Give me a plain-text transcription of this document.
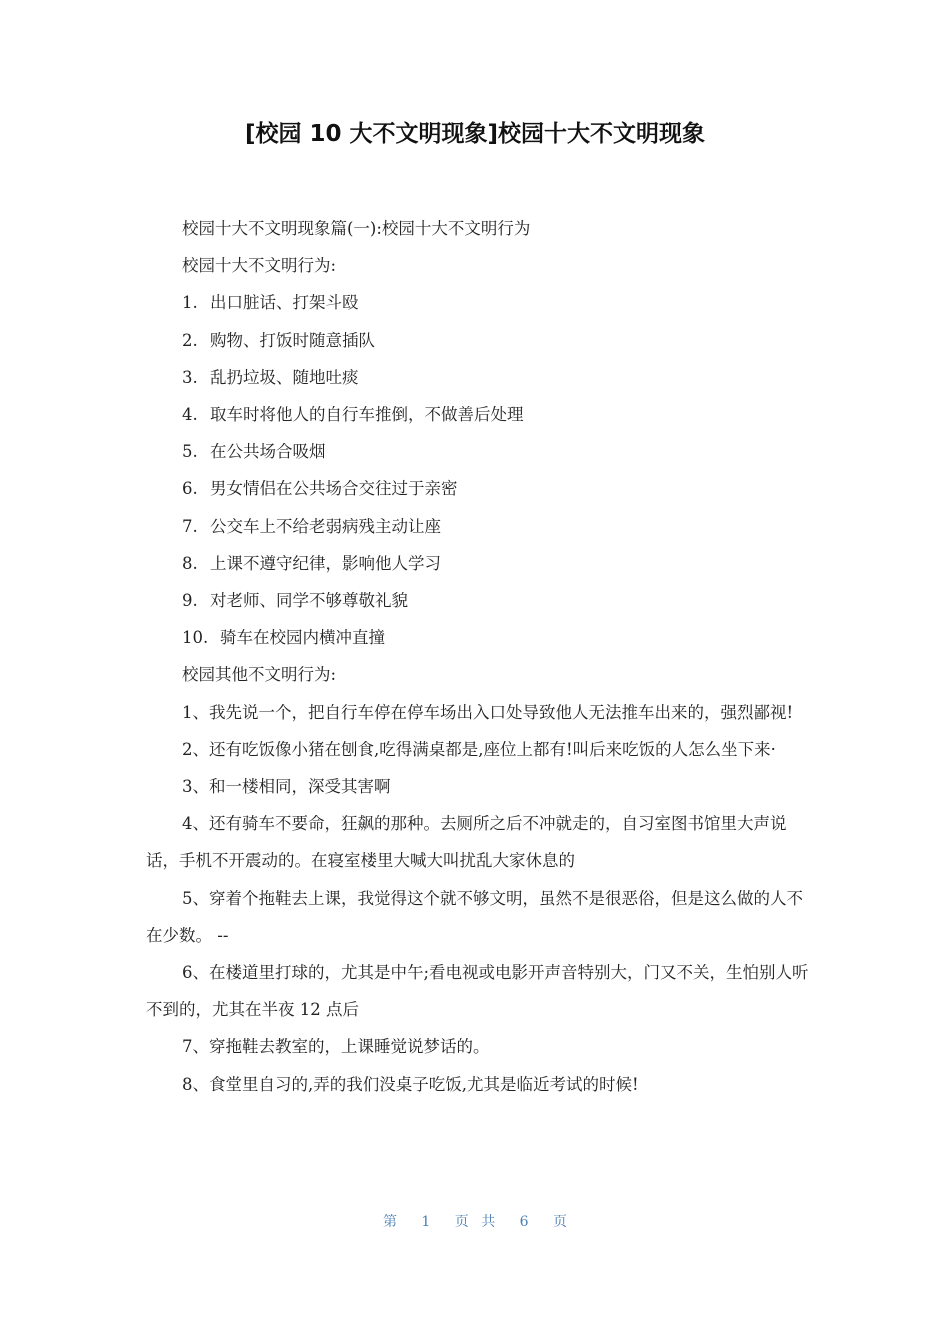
[校园 10 大不文明现象]校园十大不文明现象

校园十大不文明现象篇(一):校园十大不文明行为

校园十大不文明行为:

1. 出口脏话、打架斗殴

2. 购物、打饭时随意插队

3. 乱扔垃圾、随地吐痰

4. 取车时将他人的自行车推倒，不做善后处理

5. 在公共场合吸烟

6. 男女情侣在公共场合交往过于亲密

7. 公交车上不给老弱病残主动让座

8. 上课不遵守纪律，影响他人学习

9. 对老师、同学不够尊敬礼貌

10. 骑车在校园内横冲直撞

校园其他不文明行为:

1、我先说一个，把自行车停在停车场出入口处导致他人无法推车出来的，强烈鄙视!

2、还有吃饭像小猪在刨食,吃得满桌都是,座位上都有!叫后来吃饭的人怎么坐下来·

3、和一楼相同，深受其害啊

4、还有骑车不要命，狂飙的那种。去厕所之后不冲就走的，自习室图书馆里大声说话，手机不开震动的。在寝室楼里大喊大叫扰乱大家休息的

5、穿着个拖鞋去上课，我觉得这个就不够文明，虽然不是很恶俗，但是这么做的人不在少数。 --

6、在楼道里打球的，尤其是中午;看电视或电影开声音特别大，门又不关，生怕别人听不到的，尤其在半夜 12 点后

7、穿拖鞋去教室的，上课睡觉说梦话的。

8、食堂里自习的,弄的我们没桌子吃饭,尤其是临近考试的时候!

第 1 页 共 6 页
